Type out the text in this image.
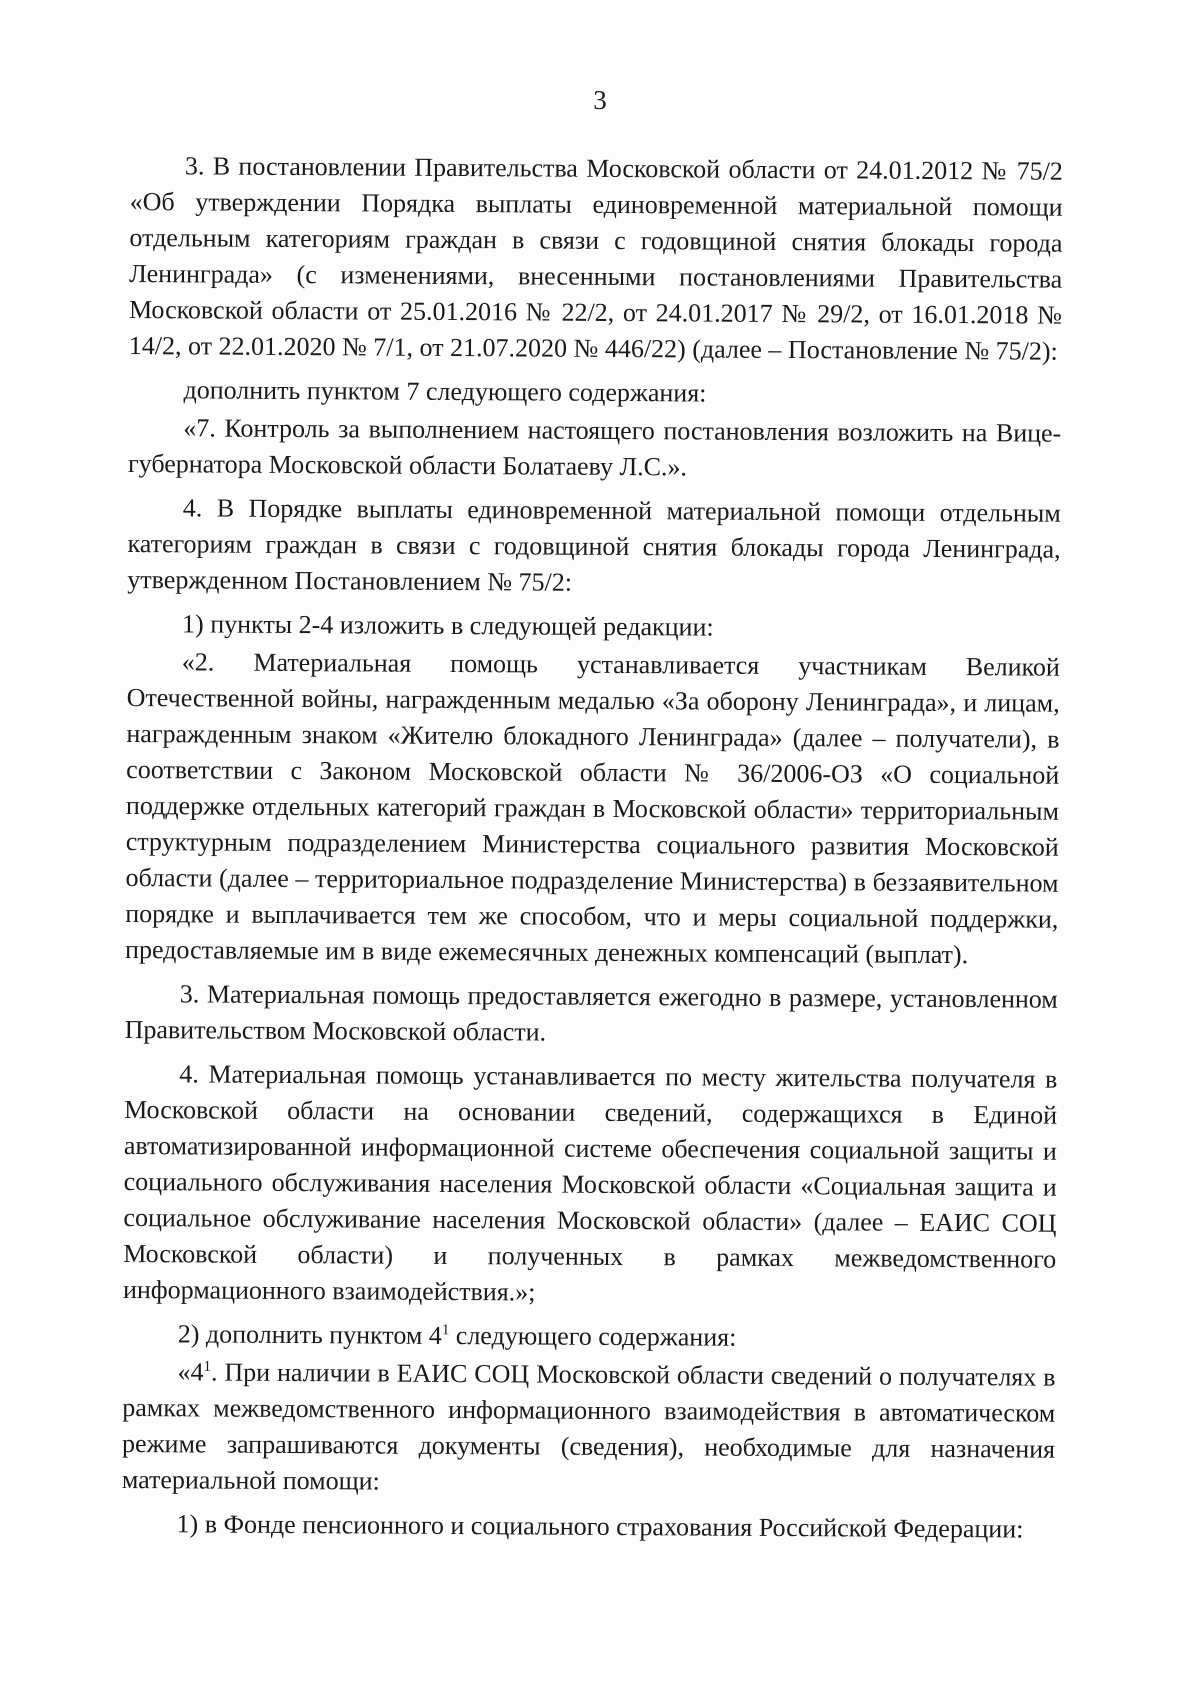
3

3. В постановлении Правительства Московской области от 24.01.2012 № 75/2 «Об утверждении Порядка выплаты единовременной материальной помощи отдельным категориям граждан в связи с годовщиной снятия блокады города Ленинграда» (с изменениями, внесенными постановлениями Правительства Московской области от 25.01.2016 № 22/2, от 24.01.2017 № 29/2, от 16.01.2018 № 14/2, от 22.01.2020 № 7/1, от 21.07.2020 № 446/22) (далее – Постановление № 75/2):

дополнить пунктом 7 следующего содержания:

«7. Контроль за выполнением настоящего постановления возложить на Вице-губернатора Московской области Болатаеву Л.С.».

4. В Порядке выплаты единовременной материальной помощи отдельным категориям граждан в связи с годовщиной снятия блокады города Ленинграда, утвержденном Постановлением № 75/2:

1) пункты 2-4 изложить в следующей редакции:

«2. Материальная помощь устанавливается участникам Великой Отечественной войны, награжденным медалью «За оборону Ленинграда», и лицам, награжденным знаком «Жителю блокадного Ленинграда» (далее – получатели), в соответствии с Законом Московской области № 36/2006-ОЗ «О социальной поддержке отдельных категорий граждан в Московской области» территориальным структурным подразделением Министерства социального развития Московской области (далее – территориальное подразделение Министерства) в беззаявительном порядке и выплачивается тем же способом, что и меры социальной поддержки, предоставляемые им в виде ежемесячных денежных компенсаций (выплат).

3. Материальная помощь предоставляется ежегодно в размере, установленном Правительством Московской области.

4. Материальная помощь устанавливается по месту жительства получателя в Московской области на основании сведений, содержащихся в Единой автоматизированной информационной системе обеспечения социальной защиты и социального обслуживания населения Московской области «Социальная защита и социальное обслуживание населения Московской области» (далее – ЕАИС СОЦ Московской области) и полученных в рамках межведомственного информационного взаимодействия.»;

2) дополнить пунктом $4^1$ следующего содержания:

«$4^1$. При наличии в ЕАИС СОЦ Московской области сведений о получателях в рамках межведомственного информационного взаимодействия в автоматическом режиме запрашиваются документы (сведения), необходимые для назначения материальной помощи:

1) в Фонде пенсионного и социального страхования Российской Федерации:
